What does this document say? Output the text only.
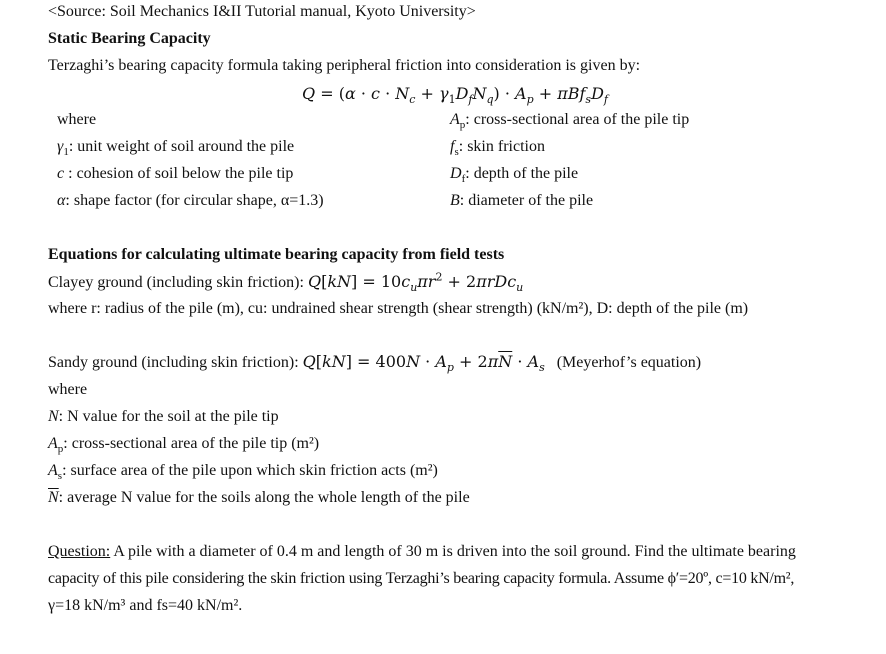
<Source: Soil Mechanics I&II Tutorial manual, Kyoto University>
Static Bearing Capacity
Terzaghi’s bearing capacity formula taking peripheral friction into consideration is given by:
$Q = (\alpha \cdot c \cdot N_c + \gamma_1D_fN_q) \cdot A_p + \pi Bf_sD_f$
where
$\gamma_1$: unit weight of soil around the pile
c : cohesion of soil below the pile tip
α: shape factor (for circular shape, α=1.3)
$A_p$: cross-sectional area of the pile tip
$f_s$: skin friction
$D_f$: depth of the pile
B: diameter of the pile
Equations for calculating ultimate bearing capacity from field tests
Clayey ground (including skin friction): $Q[kN] = 10c_u\pi r^2 + 2\pi rDc_u$
where r: radius of the pile (m), cu: undrained shear strength (shear strength) (kN/m²), D: depth of the pile (m)
Sandy ground (including skin friction): $Q[kN] = 400N \cdot A_p + 2\pi\overline{N} \cdot A_s$ (Meyerhof’s equation)
where
N: N value for the soil at the pile tip
$A_p$: cross-sectional area of the pile tip (m²)
$A_s$: surface area of the pile upon which skin friction acts (m²)
$\overline{N}$: average N value for the soils along the whole length of the pile
Question: A pile with a diameter of 0.4 m and length of 30 m is driven into the soil ground. Find the ultimate bearing
capacity of this pile considering the skin friction using Terzaghi’s bearing capacity formula. Assume ϕ′=20º, c=10 kN/m²,
γ=18 kN/m³ and fs=40 kN/m².
